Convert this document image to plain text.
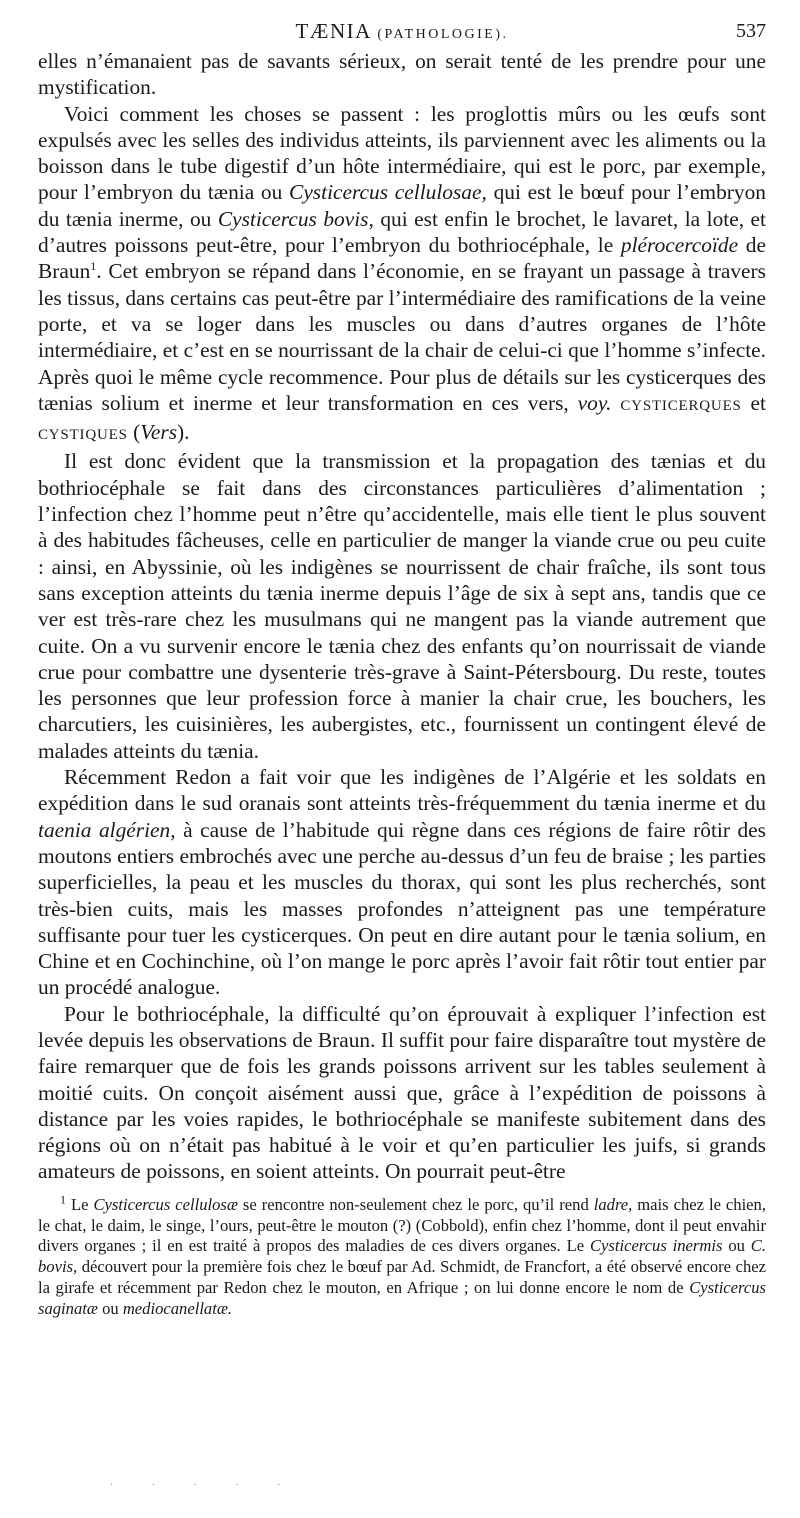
TÆNIA (PATHOLOGIE).	537

elles n’émanaient pas de savants sérieux, on serait tenté de les prendre pour une mystification.

Voici comment les choses se passent : les proglottis mûrs ou les œufs sont expulsés avec les selles des individus atteints, ils parviennent avec les aliments ou la boisson dans le tube digestif d’un hôte intermédiaire, qui est le porc, par exemple, pour l’embryon du tænia ou Cysticercus cellulosae, qui est le bœuf pour l’embryon du tænia inerme, ou Cysticercus bovis, qui est enfin le brochet, le lavaret, la lote, et d’autres poissons peut-être, pour l’embryon du bothriocéphale, le plérocercoïde de Braun$^1$. Cet embryon se répand dans l’économie, en se frayant un passage à travers les tissus, dans certains cas peut-être par l’intermédiaire des ramifications de la veine porte, et va se loger dans les muscles ou dans d’autres organes de l’hôte intermédiaire, et c’est en se nourrissant de la chair de celui-ci que l’homme s’infecte. Après quoi le même cycle recommence. Pour plus de détails sur les cysticerques des tænias solium et inerme et leur transformation en ces vers, voy. CYSTICERQUES et CYSTIQUES (Vers).

Il est donc évident que la transmission et la propagation des tænias et du bothriocéphale se fait dans des circonstances particulières d’alimentation ; l’infection chez l’homme peut n’être qu’accidentelle, mais elle tient le plus souvent à des habitudes fâcheuses, celle en particulier de manger la viande crue ou peu cuite : ainsi, en Abyssinie, où les indigènes se nourrissent de chair fraîche, ils sont tous sans exception atteints du tænia inerme depuis l’âge de six à sept ans, tandis que ce ver est très-rare chez les musulmans qui ne mangent pas la viande autrement que cuite. On a vu survenir encore le tænia chez des enfants qu’on nourrissait de viande crue pour combattre une dysenterie très-grave à Saint-Pétersbourg. Du reste, toutes les personnes que leur profession force à manier la chair crue, les bouchers, les charcutiers, les cuisinières, les aubergistes, etc., fournissent un contingent élevé de malades atteints du tænia.

Récemment Redon a fait voir que les indigènes de l’Algérie et les soldats en expédition dans le sud oranais sont atteints très-fréquemment du tænia inerme et du taenia algérien, à cause de l’habitude qui règne dans ces régions de faire rôtir des moutons entiers embrochés avec une perche au-dessus d’un feu de braise ; les parties superficielles, la peau et les muscles du thorax, qui sont les plus recherchés, sont très-bien cuits, mais les masses profondes n’atteignent pas une température suffisante pour tuer les cysticerques. On peut en dire autant pour le tænia solium, en Chine et en Cochinchine, où l’on mange le porc après l’avoir fait rôtir tout entier par un procédé analogue.

Pour le bothriocéphale, la difficulté qu’on éprouvait à expliquer l’infection est levée depuis les observations de Braun. Il suffit pour faire disparaître tout mystère de faire remarquer que de fois les grands poissons arrivent sur les tables seulement à moitié cuits. On conçoit aisément aussi que, grâce à l’expédition de poissons à distance par les voies rapides, le bothriocéphale se manifeste subitement dans des régions où on n’était pas habitué à le voir et qu’en particulier les juifs, si grands amateurs de poissons, en soient atteints. On pourrait peut-être

$^1$ Le Cysticercus cellulosæ se rencontre non-seulement chez le porc, qu’il rend ladre, mais chez le chien, le chat, le daim, le singe, l’ours, peut-être le mouton (?) (Cobbold), enfin chez l’homme, dont il peut envahir divers organes ; il en est traité à propos des maladies de ces divers organes. Le Cysticercus inermis ou C. bovis, découvert pour la première fois chez le bœuf par Ad. Schmidt, de Francfort, a été observé encore chez la girafe et récemment par Redon chez le mouton, en Afrique ; on lui donne encore le nom de Cysticercus saginatæ ou mediocanellatæ.

· · · · ·
